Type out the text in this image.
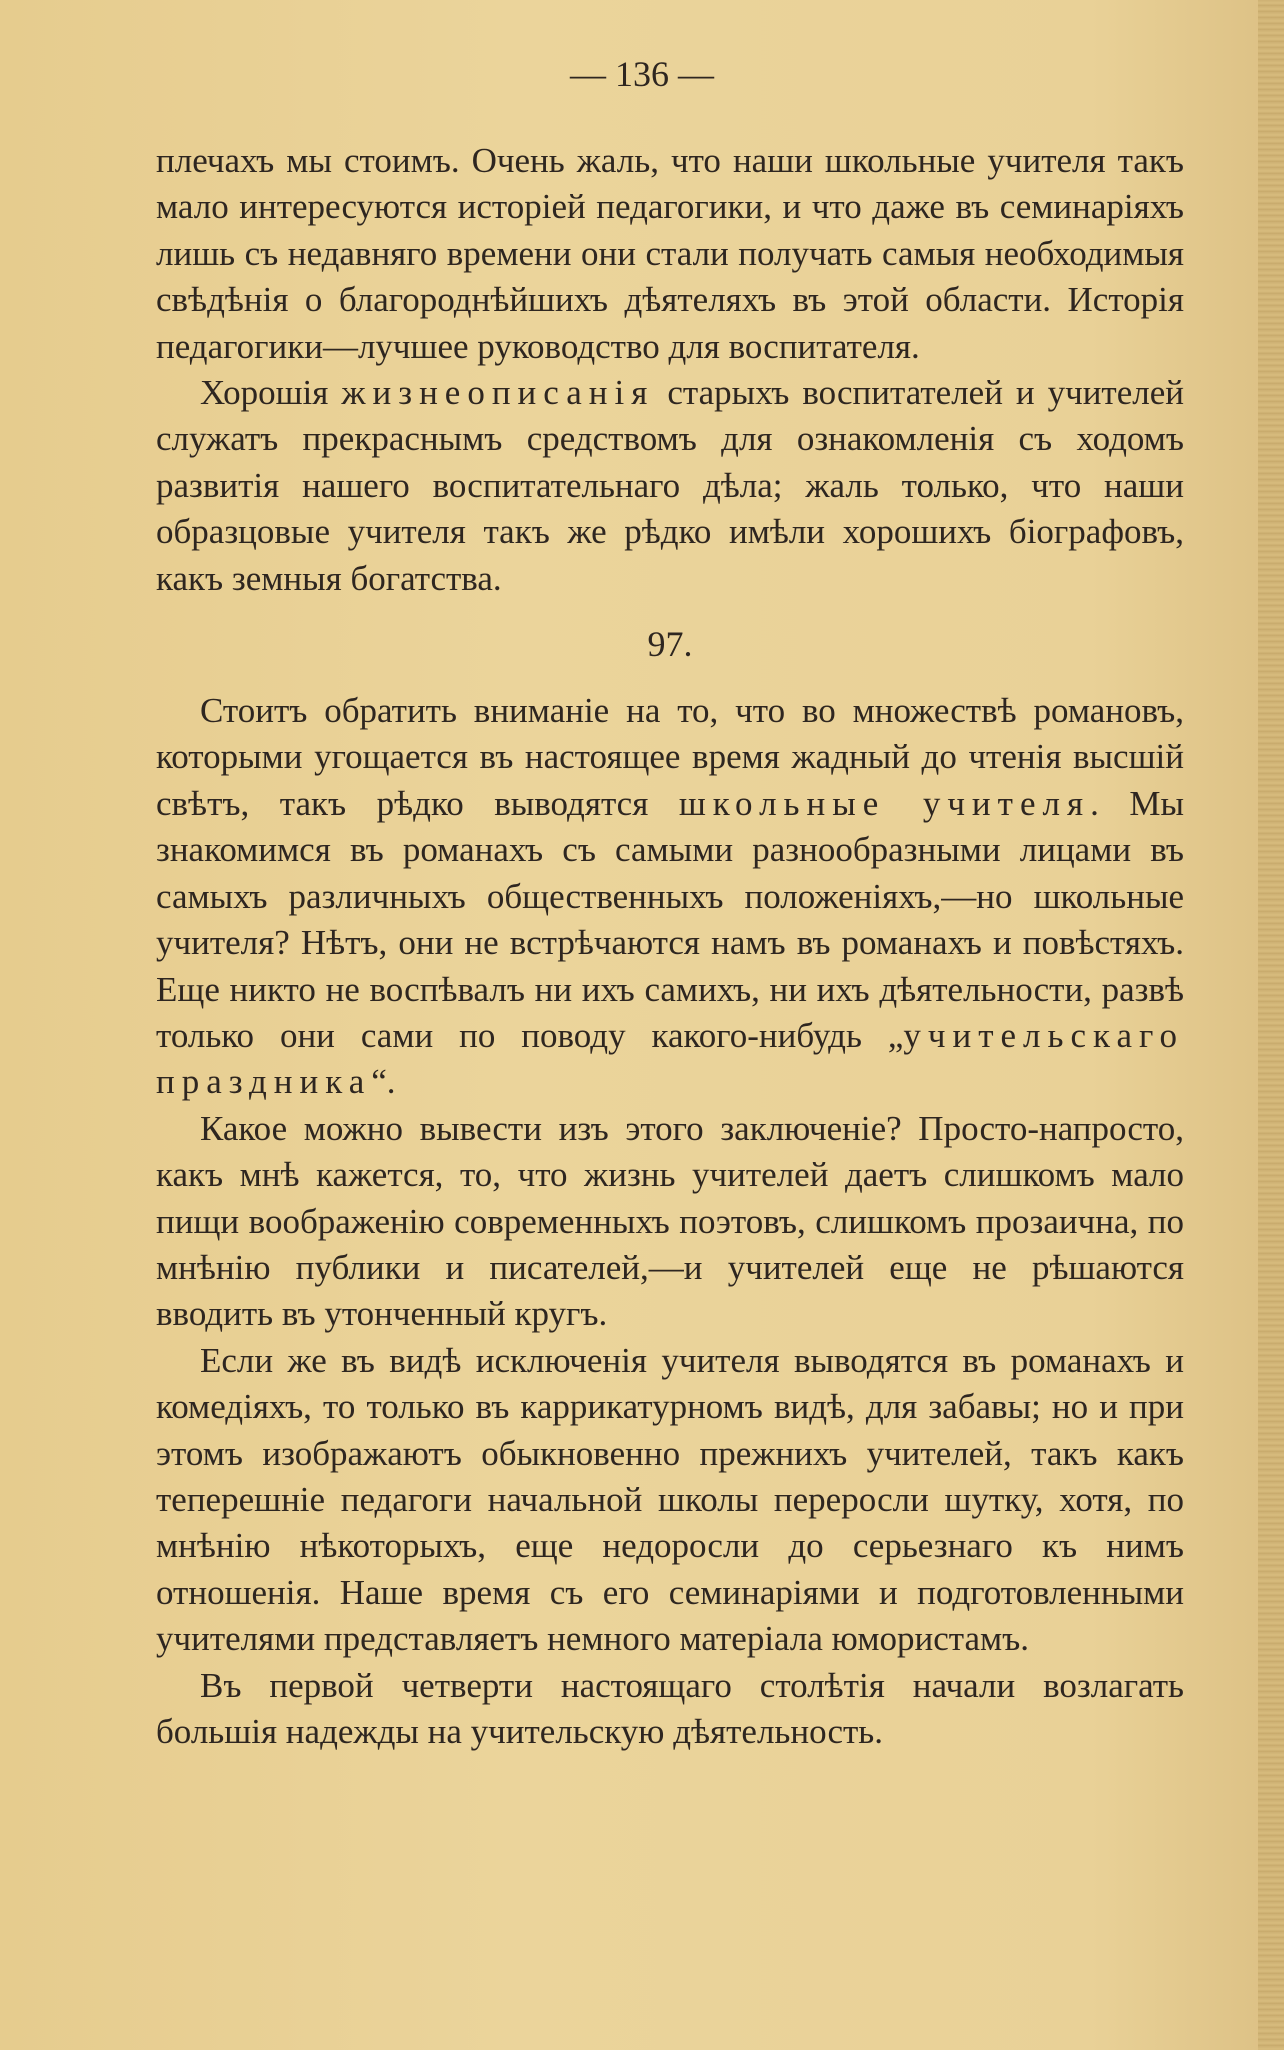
— 136 —

плечахъ мы стоимъ. Очень жаль, что наши школьные учителя такъ мало интересуются исторіей педагогики, и что даже въ семинаріяхъ лишь съ недавняго времени они стали получать самыя необходимыя свѣдѣнія о благороднѣйшихъ дѣятеляхъ въ этой области. Исторія педагогики—лучшее руководство для воспитателя.

Хорошія жизнеописанія старыхъ воспитателей и учителей служатъ прекраснымъ средствомъ для ознакомленія съ ходомъ развитія нашего воспитательнаго дѣла; жаль только, что наши образцовые учителя такъ же рѣдко имѣли хорошихъ біографовъ, какъ земныя богатства.

97.

Стоитъ обратить вниманіе на то, что во множествѣ романовъ, которыми угощается въ настоящее время жадный до чтенія высшій свѣтъ, такъ рѣдко выводятся школьные учителя. Мы знакомимся въ романахъ съ самыми разнообразными лицами въ самыхъ различныхъ общественныхъ положеніяхъ,—но школьные учителя? Нѣтъ, они не встрѣчаются намъ въ романахъ и повѣстяхъ. Еще никто не воспѣвалъ ни ихъ самихъ, ни ихъ дѣятельности, развѣ только они сами по поводу какого-нибудь „учительскаго праздника“.

Какое можно вывести изъ этого заключеніе? Просто-напросто, какъ мнѣ кажется, то, что жизнь учителей даетъ слишкомъ мало пищи воображенію современныхъ поэтовъ, слишкомъ прозаична, по мнѣнію публики и писателей,—и учителей еще не рѣшаются вводить въ утонченный кругъ.

Если же въ видѣ исключенія учителя выводятся въ романахъ и комедіяхъ, то только въ каррикатурномъ видѣ, для забавы; но и при этомъ изображаютъ обыкновенно прежнихъ учителей, такъ какъ теперешніе педагоги начальной школы переросли шутку, хотя, по мнѣнію нѣкоторыхъ, еще недоросли до серьезнаго къ нимъ отношенія. Наше время съ его семинаріями и подготовленными учителями представляетъ немного матеріала юмористамъ.

Въ первой четверти настоящаго столѣтія начали возлагать большія надежды на учительскую дѣятельность.
